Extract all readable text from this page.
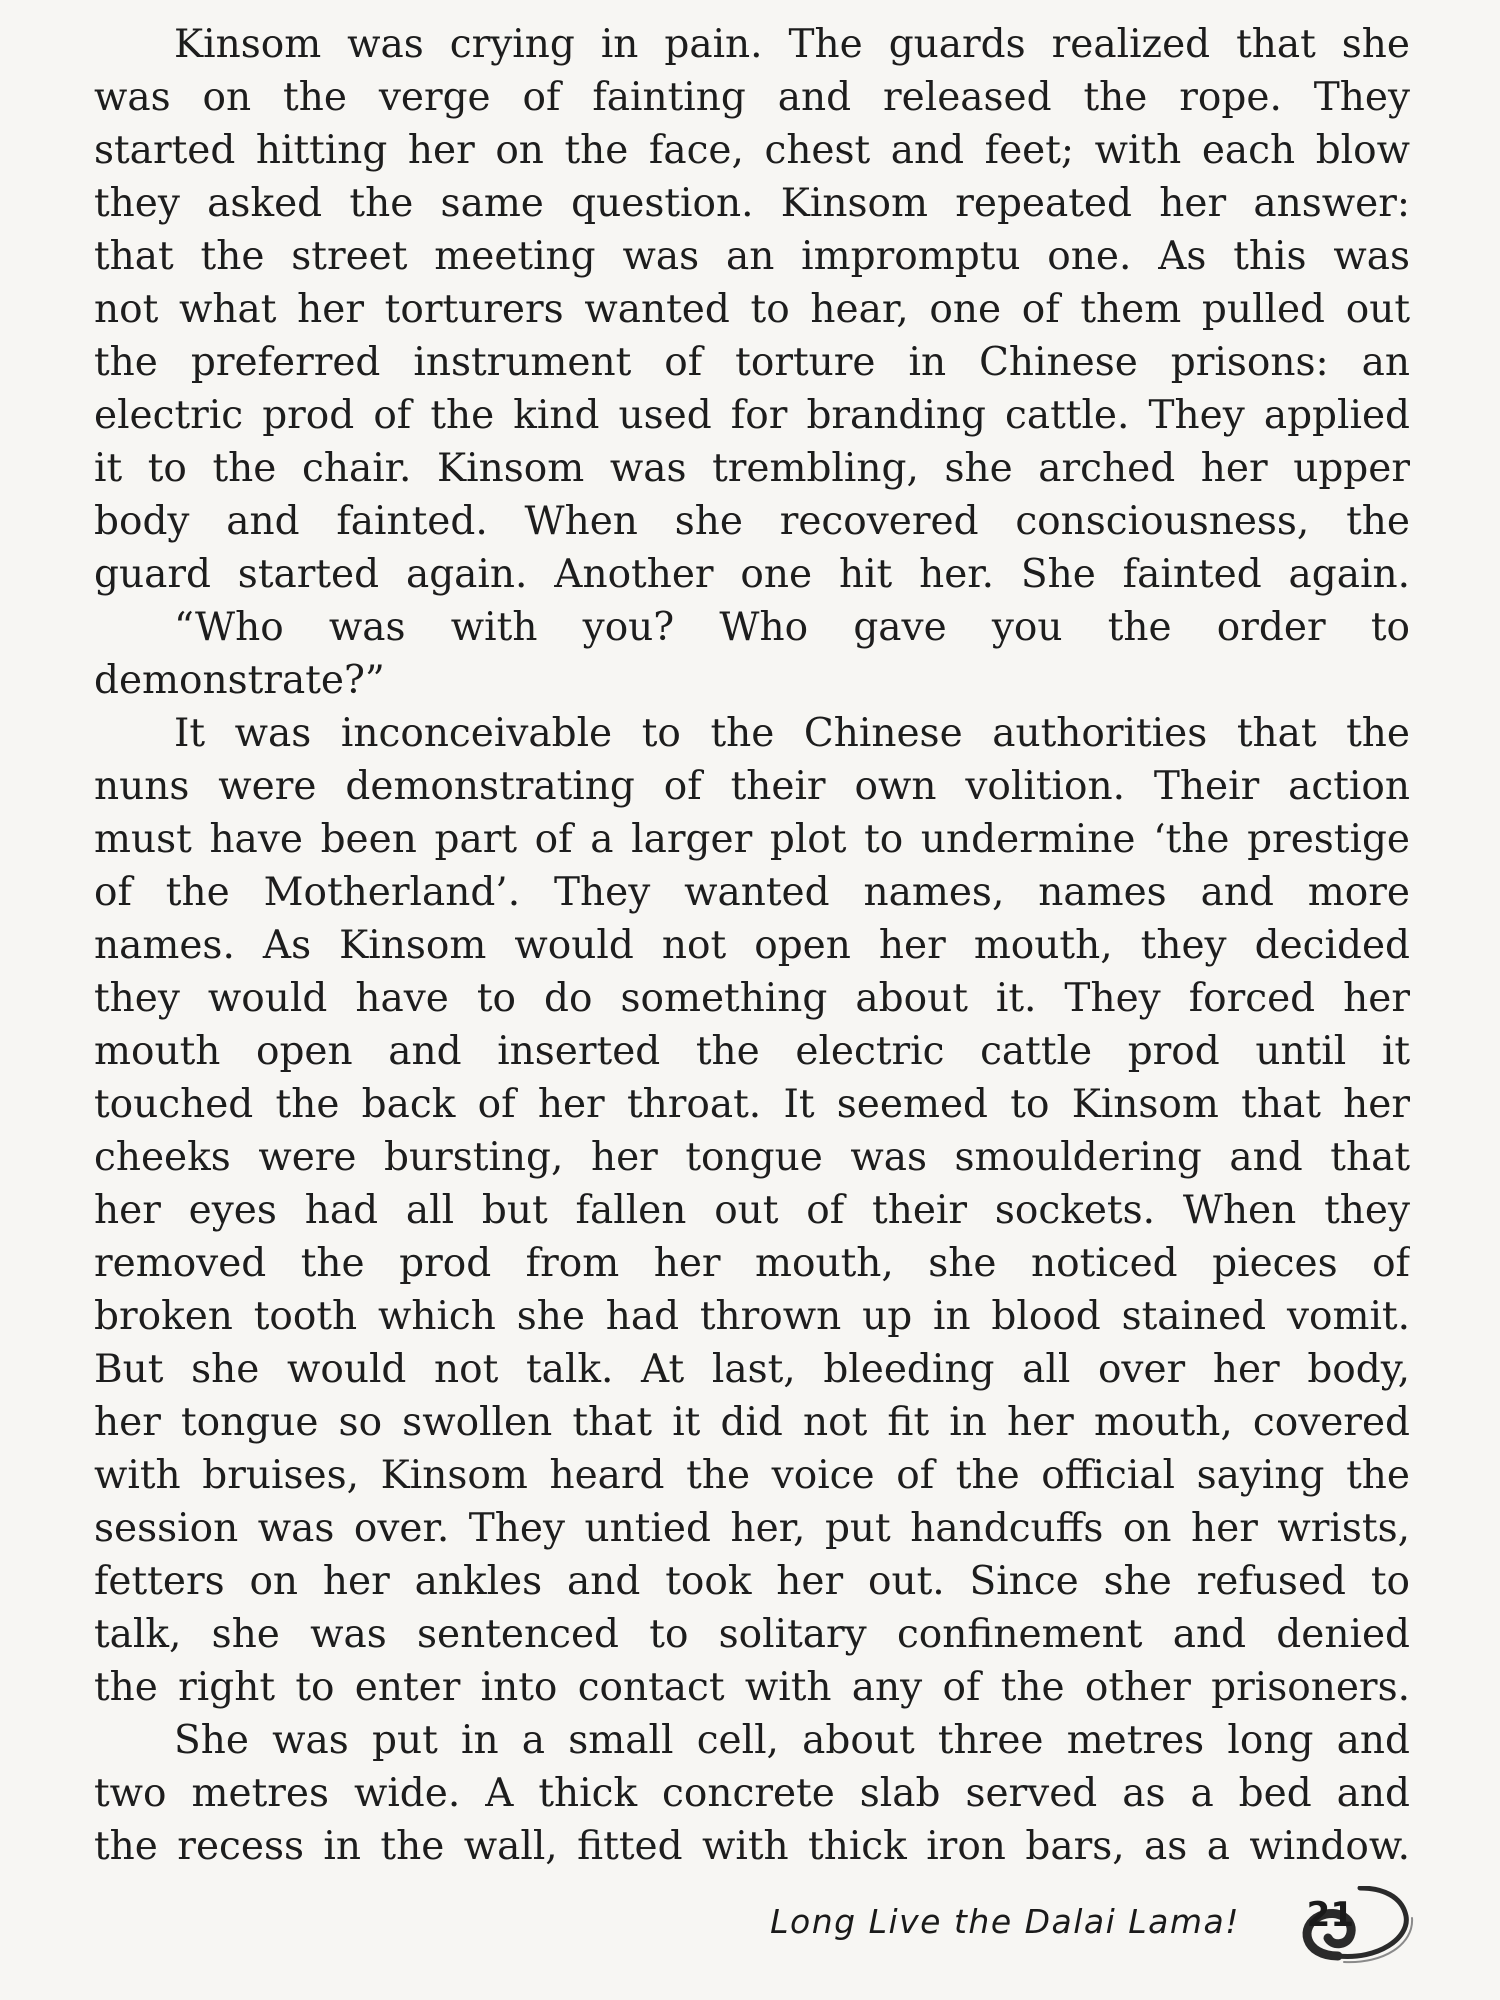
Kinsom was crying in pain. The guards realized that she
was on the verge of fainting and released the rope. They
started hitting her on the face, chest and feet; with each blow
they asked the same question. Kinsom repeated her answer:
that the street meeting was an impromptu one. As this was
not what her torturers wanted to hear, one of them pulled out
the preferred instrument of torture in Chinese prisons: an
electric prod of the kind used for branding cattle. They applied
it to the chair. Kinsom was trembling, she arched her upper
body and fainted. When she recovered consciousness, the
guard started again. Another one hit her. She fainted again.
“Who was with you? Who gave you the order to
demonstrate?”
It was inconceivable to the Chinese authorities that the
nuns were demonstrating of their own volition. Their action
must have been part of a larger plot to undermine ‘the prestige
of the Motherland’. They wanted names, names and more
names. As Kinsom would not open her mouth, they decided
they would have to do something about it. They forced her
mouth open and inserted the electric cattle prod until it
touched the back of her throat. It seemed to Kinsom that her
cheeks were bursting, her tongue was smouldering and that
her eyes had all but fallen out of their sockets. When they
removed the prod from her mouth, she noticed pieces of
broken tooth which she had thrown up in blood stained vomit.
But she would not talk. At last, bleeding all over her body,
her tongue so swollen that it did not fit in her mouth, covered
with bruises, Kinsom heard the voice of the official saying the
session was over. They untied her, put handcuffs on her wrists,
fetters on her ankles and took her out. Since she refused to
talk, she was sentenced to solitary confinement and denied
the right to enter into contact with any of the other prisoners.
She was put in a small cell, about three metres long and
two metres wide. A thick concrete slab served as a bed and
the recess in the wall, fitted with thick iron bars, as a window.
Long Live the Dalai Lama! 21
